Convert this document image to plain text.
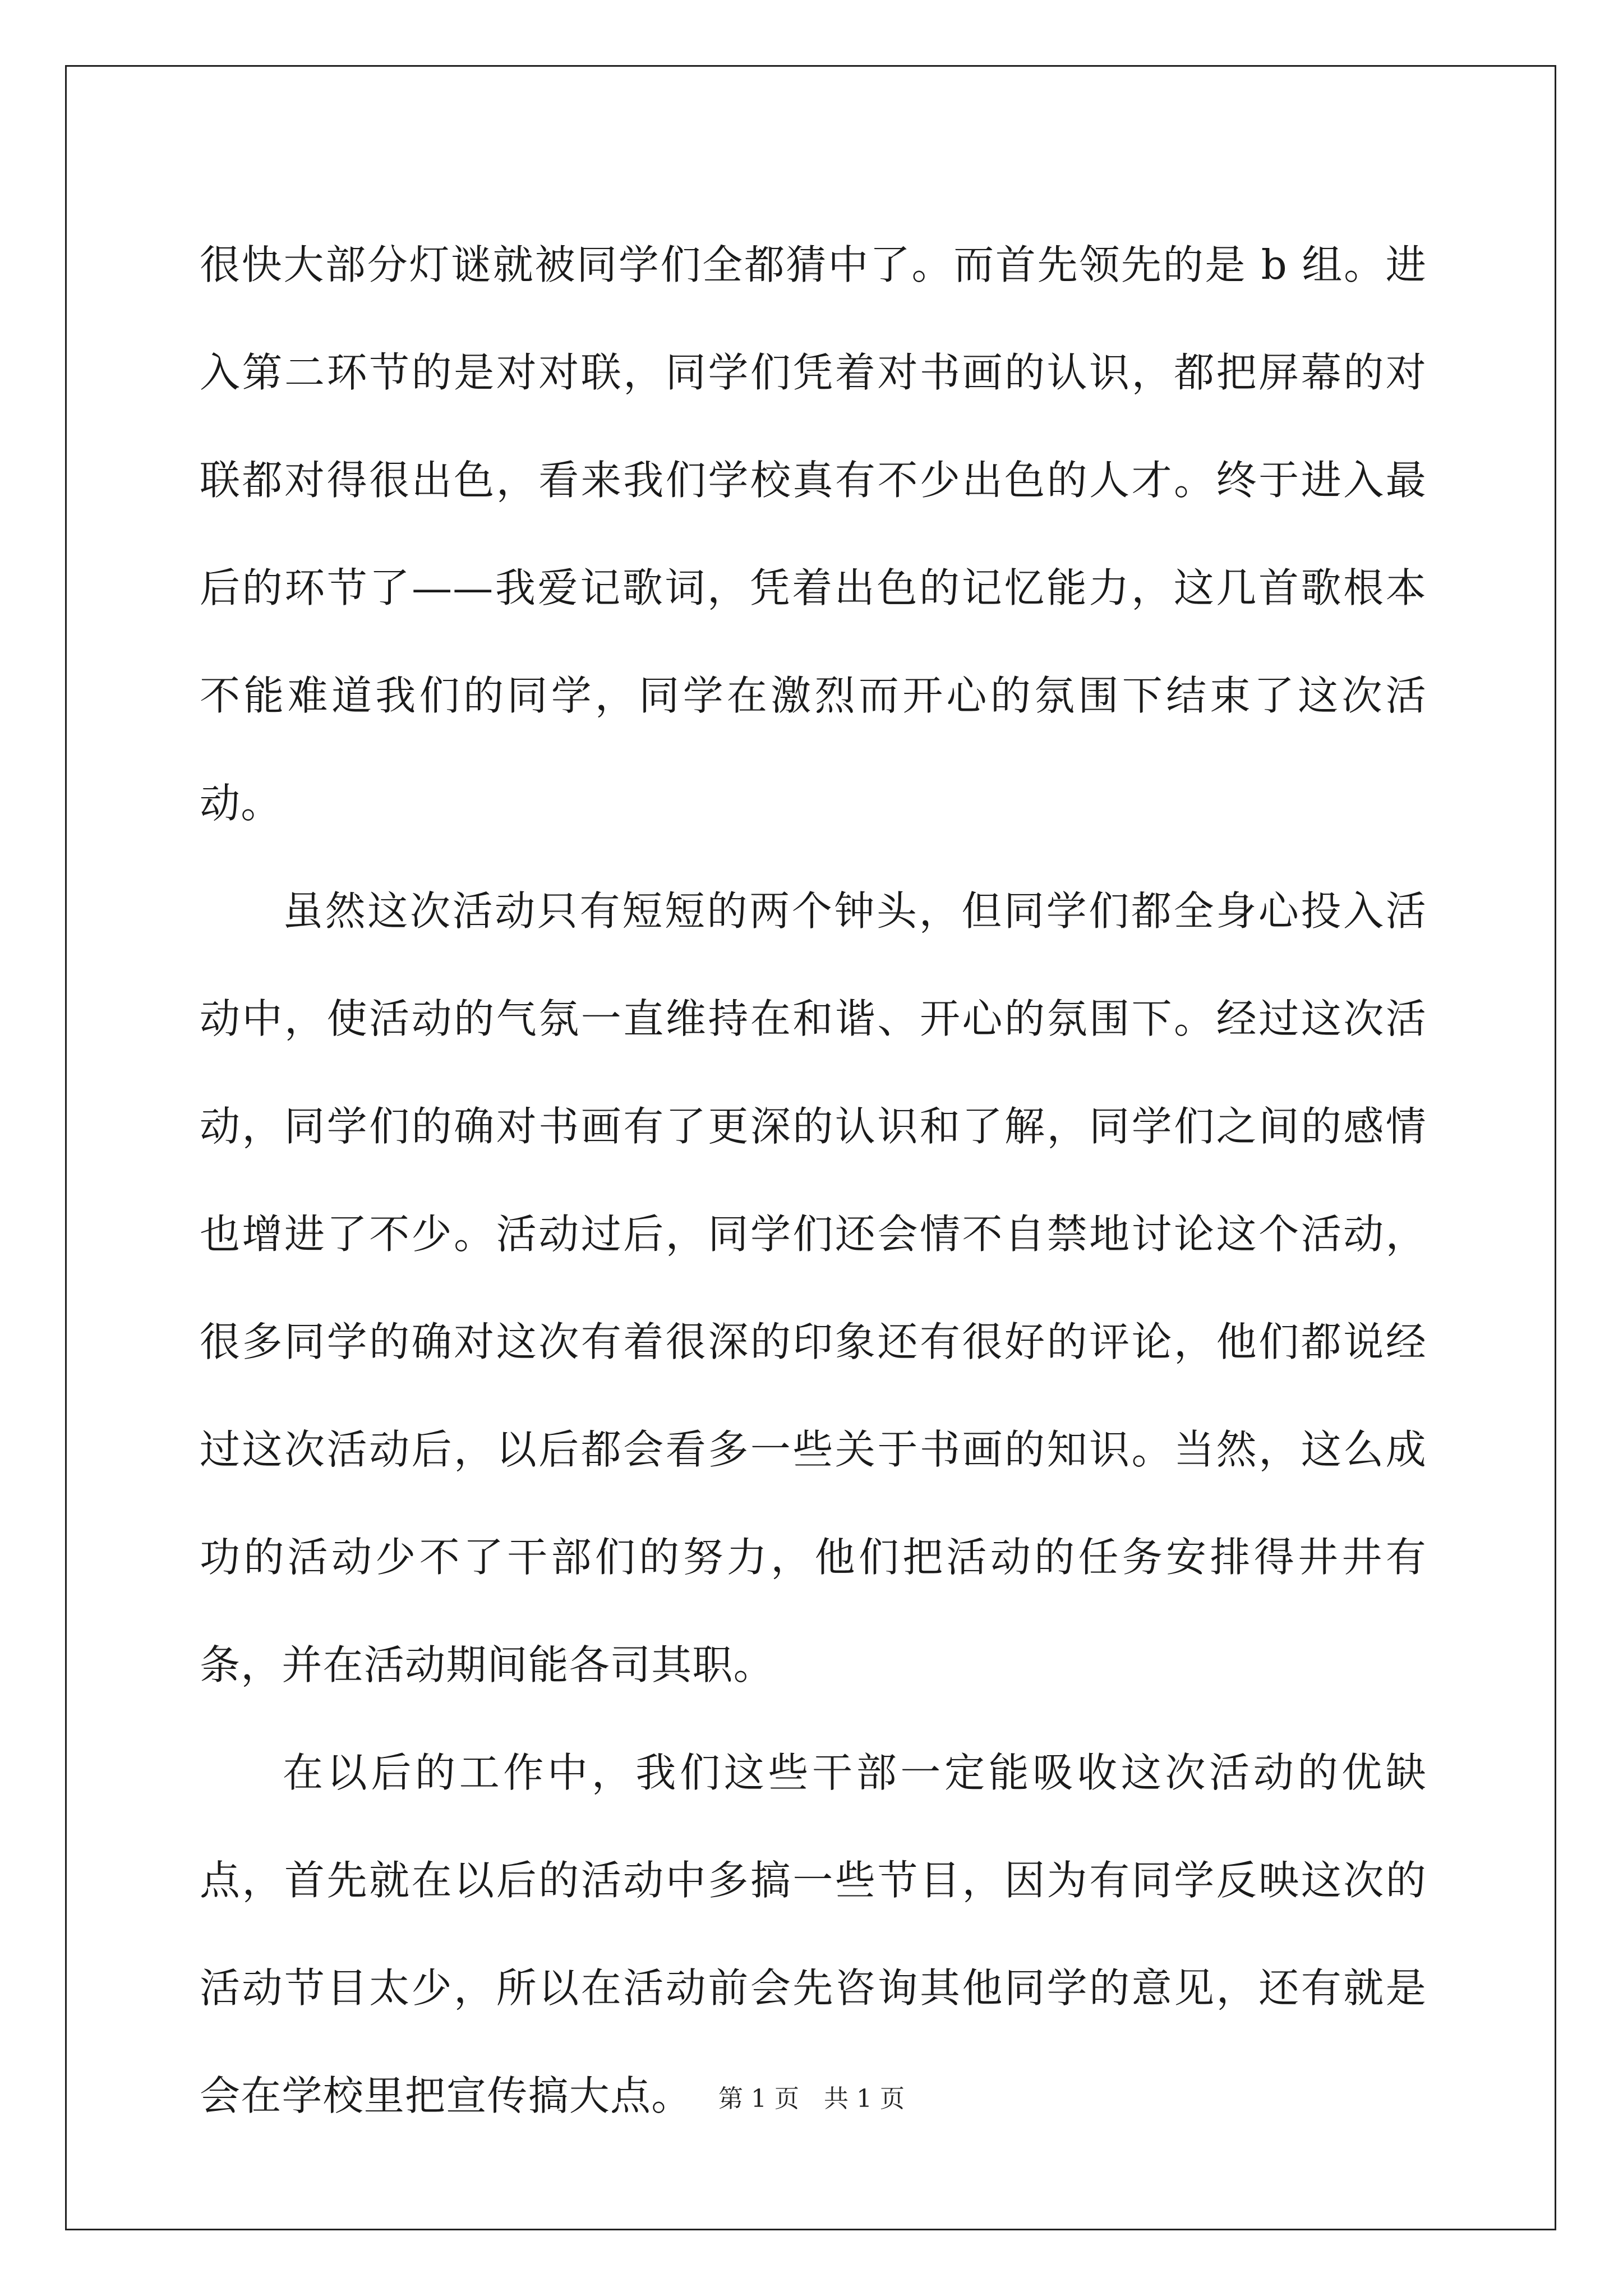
很快大部分灯谜就被同学们全都猜中了。而首先领先的是 b 组。进入第二环节的是对对联，同学们凭着对书画的认识，都把屏幕的对联都对得很出色，看来我们学校真有不少出色的人才。终于进入最后的环节了——我爱记歌词，凭着出色的记忆能力，这几首歌根本不能难道我们的同学，同学在激烈而开心的氛围下结束了这次活动。

虽然这次活动只有短短的两个钟头，但同学们都全身心投入活动中，使活动的气氛一直维持在和谐、开心的氛围下。经过这次活动，同学们的确对书画有了更深的认识和了解，同学们之间的感情也增进了不少。活动过后，同学们还会情不自禁地讨论这个活动，很多同学的确对这次有着很深的印象还有很好的评论，他们都说经过这次活动后，以后都会看多一些关于书画的知识。当然，这么成功的活动少不了干部们的努力，他们把活动的任务安排得井井有条，并在活动期间能各司其职。

在以后的工作中，我们这些干部一定能吸收这次活动的优缺点，首先就在以后的活动中多搞一些节目，因为有同学反映这次的活动节目太少，所以在活动前会先咨询其他同学的意见，还有就是会在学校里把宣传搞大点。	第 1 页 共 1 页
